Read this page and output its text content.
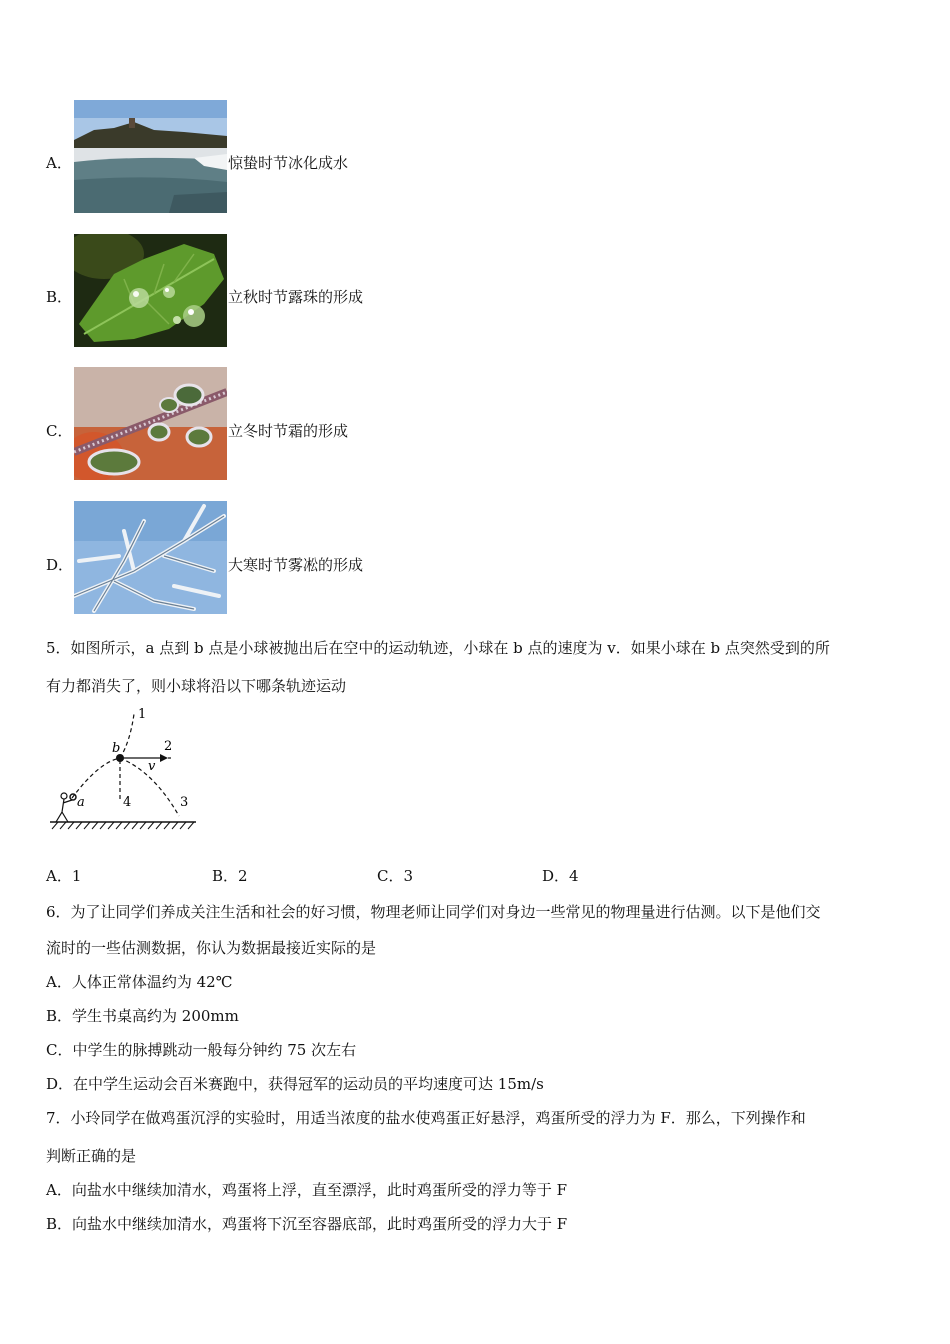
A．	惊蛰时节冰化成水
B．	立秋时节露珠的形成
C．	立冬时节霜的形成
D．	大寒时节雾凇的形成
5．如图所示，a 点到 b 点是小球被抛出后在空中的运动轨迹，小球在 b 点的速度为 v．如果小球在 b 点突然受到的所
有力都消失了，则小球将沿以下哪条轨迹运动
1
2
3
4
a
b
v
A．1	B．2	C．3	D．4
6．为了让同学们养成关注生活和社会的好习惯，物理老师让同学们对身边一些常见的物理量进行估测。以下是他们交
流时的一些估测数据，你认为数据最接近实际的是
A．人体正常体温约为 42℃
B．学生书桌高约为 200mm
C．中学生的脉搏跳动一般每分钟约 75 次左右
D．在中学生运动会百米赛跑中，获得冠军的运动员的平均速度可达 15m/s
7．小玲同学在做鸡蛋沉浮的实验时，用适当浓度的盐水使鸡蛋正好悬浮，鸡蛋所受的浮力为 F．那么，下列操作和
判断正确的是
A．向盐水中继续加清水，鸡蛋将上浮，直至漂浮，此时鸡蛋所受的浮力等于 F
B．向盐水中继续加清水，鸡蛋将下沉至容器底部，此时鸡蛋所受的浮力大于 F
